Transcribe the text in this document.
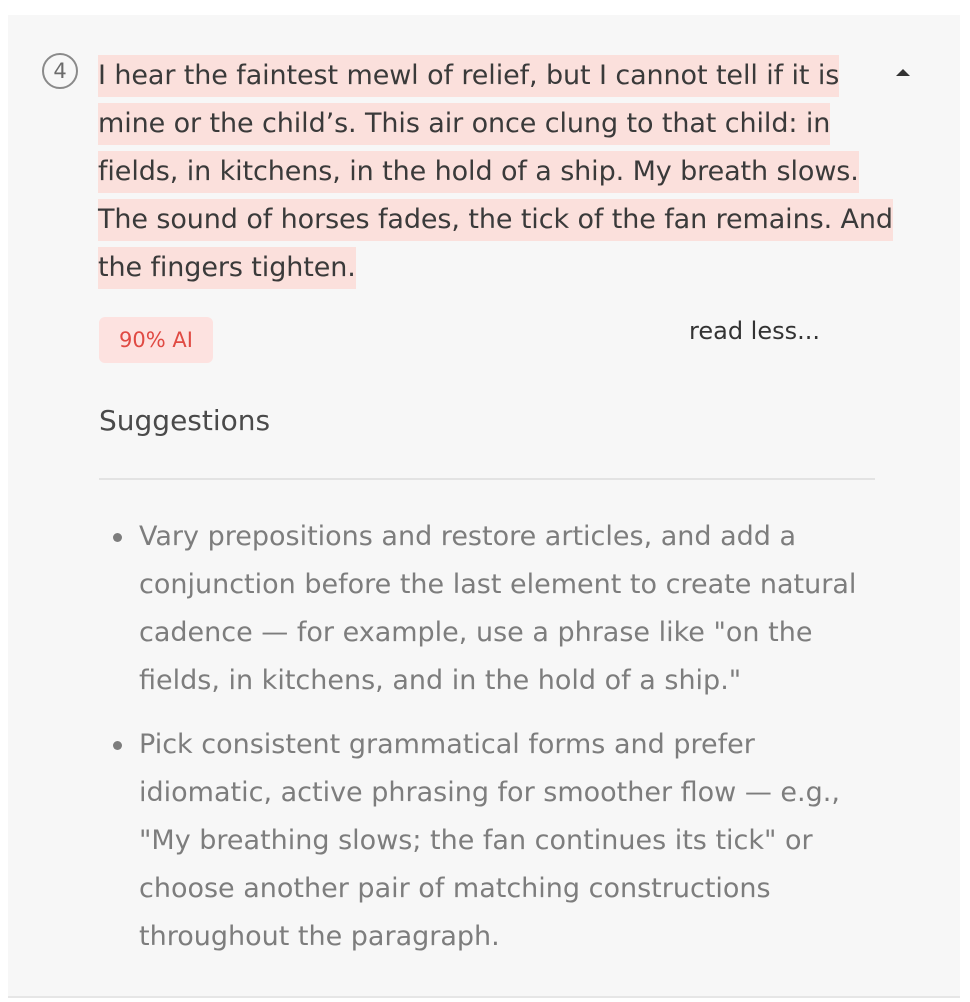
4 I hear the faintest mewl of relief, but I cannot tell if it is mine or the child’s. This air once clung to that child: in fields, in kitchens, in the hold of a ship. My breath slows. The sound of horses fades, the tick of the fan remains. And the fingers tighten.

90% AI	read less...
Suggestions
Vary prepositions and restore articles, and add a conjunction before the last element to create natural cadence — for example, use a phrase like "on the fields, in kitchens, and in the hold of a ship."
Pick consistent grammatical forms and prefer idiomatic, active phrasing for smoother flow — e.g., "My breathing slows; the fan continues its tick" or choose another pair of matching constructions throughout the paragraph.
